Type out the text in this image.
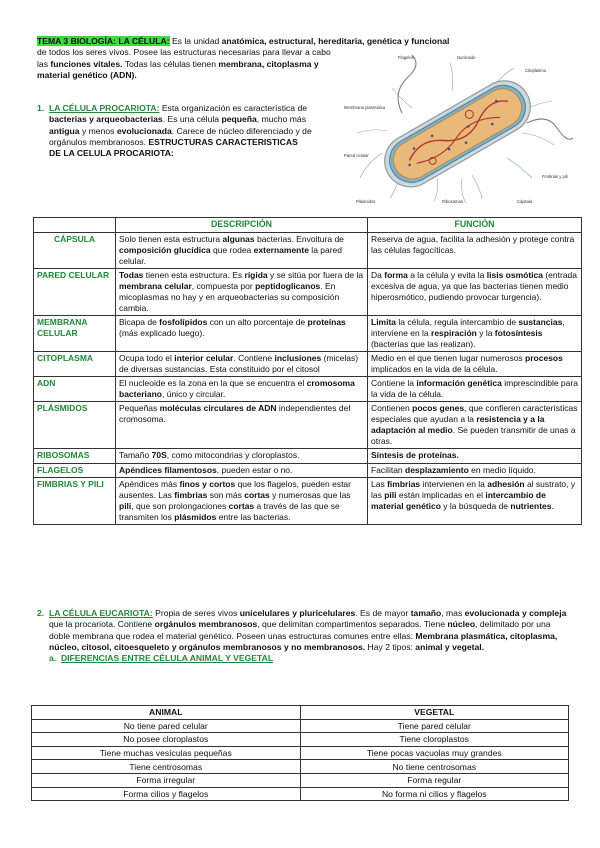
TEMA 3 BIOLOGÍA: LA CÉLULA: Es la unidad anatómica, estructural, hereditaria, genética y funcional
de todos los seres vivos. Posee las estructuras necesarias para llevar a cabo las funciones vitales. Todas las células tienen membrana, citoplasma y material genético (ADN).
1. LA CÉLULA PROCARIOTA: Esta organización es característica de bacterias y arqueobacterias. Es una célula pequeña, mucho más antigua y menos evolucionada. Carece de núcleo diferenciado y de orgánulos membranosos. ESTRUCTURAS CARACTERISTICAS DE LA CELULA PROCARIOTA:
Flagelos	Nucleoide
Citoplasma
Membrana plasmática
Pared celular
Fimbrias y pili
Plásmidos	Ribosomas	Cápsula
	DESCRIPCIÓN	FUNCIÓN
CÁPSULA	Solo tienen esta estructura algunas bacterias. Envoltura de composición glucídica que rodea externamente la pared celular.	Reserva de agua, facilita la adhesión y protege contra las células fagocíticas.
PARED CELULAR	Todas tienen esta estructura. Es rígida y se sitúa por fuera de la membrana celular, compuesta por peptidoglicanos. En micoplasmas no hay y en arqueobacterias su composición cambia.	Da forma a la célula y evita la lisis osmótica (entrada excesiva de agua, ya que las bacterias tienen medio hiperosmótico, pudiendo provocar turgencia).
MEMBRANA CELULAR	Bicapa de fosfolípidos con un alto porcentaje de proteínas (más explicado luego).	Limita la célula, regula intercambio de sustancias, interviene en la respiración y la fotosíntesis (bacterias que las realizan).
CITOPLASMA	Ocupa todo el interior celular. Contiene inclusiones (micelas) de diversas sustancias. Esta constituido por el citosol	Medio en el que tienen lugar numerosos procesos implicados en la vida de la célula.
ADN	El nucleoide es la zona en la que se encuentra el cromosoma bacteriano, único y circular.	Contiene la información genética imprescindible para la vida de la célula.
PLÁSMIDOS	Pequeñas moléculas circulares de ADN independientes del cromosoma.	Contienen pocos genes, que confieren características especiales que ayudan a la resistencia y a la adaptación al medio. Se pueden transmitir de unas a otras.
RIBOSOMAS	Tamaño 70S, como mitocondrias y cloroplastos.	Síntesis de proteínas.
FLAGELOS	Apéndices filamentosos, pueden estar o no.	Facilitan desplazamiento en medio líquido.
FIMBRIAS Y PILI	Apéndices más finos y cortos que los flagelos, pueden estar ausentes. Las fimbrias son más cortas y numerosas que las pili, que son prolongaciones cortas a través de las que se transmiten los plásmidos entre las bacterias.	Las fimbrias intervienen en la adhesión al sustrato, y las pili están implicadas en el intercambio de material genético y la búsqueda de nutrientes.
2. LA CÉLULA EUCARIOTA: Propia de seres vivos unicelulares y pluricelulares. Es de mayor tamaño, mas evolucionada y compleja que la procariota. Contiene orgánulos membranosos, que delimitan compartimentos separados. Tiene núcleo, delimitado por una doble membrana que rodea el material genético. Poseen unas estructuras comunes entre ellas: Membrana plasmática, citoplasma, núcleo, citosol, citoesqueleto y orgánulos membranosos y no membranosos. Hay 2 tipos: animal y vegetal.
a. DIFERENCIAS ENTRE CÉLULA ANIMAL Y VEGETAL
ANIMAL	VEGETAL
No tiene pared celular	Tiene pared celular
No posee cloroplastos	Tiene cloroplastos
Tiene muchas vesículas pequeñas	Tiene pocas vacuolas muy grandes
Tiene centrosomas	No tiene centrosomas
Forma irregular	Forma regular
Forma cilios y flagelos	No forma ni cilios y flagelos
